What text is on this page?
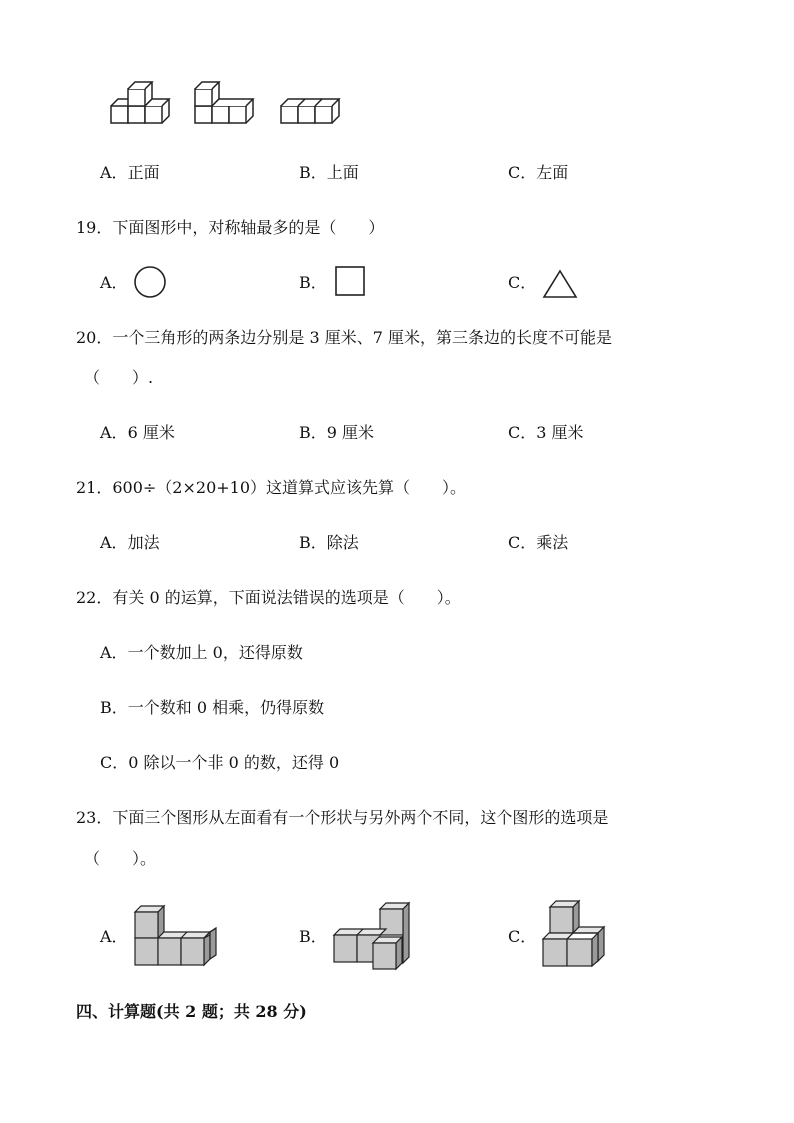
A．正面	B．上面	C．左面
19．下面图形中，对称轴最多的是（　　）
A．	B．	C．
20．一个三角形的两条边分别是 3 厘米、7 厘米，第三条边的长度不可能是
（　　）.
A．6 厘米	B．9 厘米	C．3 厘米
21．600÷（2×20+10）这道算式应该先算（　　）。
A．加法	B．除法	C．乘法
22．有关 0 的运算，下面说法错误的选项是（　　）。
A．一个数加上 0，还得原数
B．一个数和 0 相乘，仍得原数
C．0 除以一个非 0 的数，还得 0
23．下面三个图形从左面看有一个形状与另外两个不同，这个图形的选项是
（　　）。
A．	B．	C．
四、计算题(共 2 题；共 28 分)
